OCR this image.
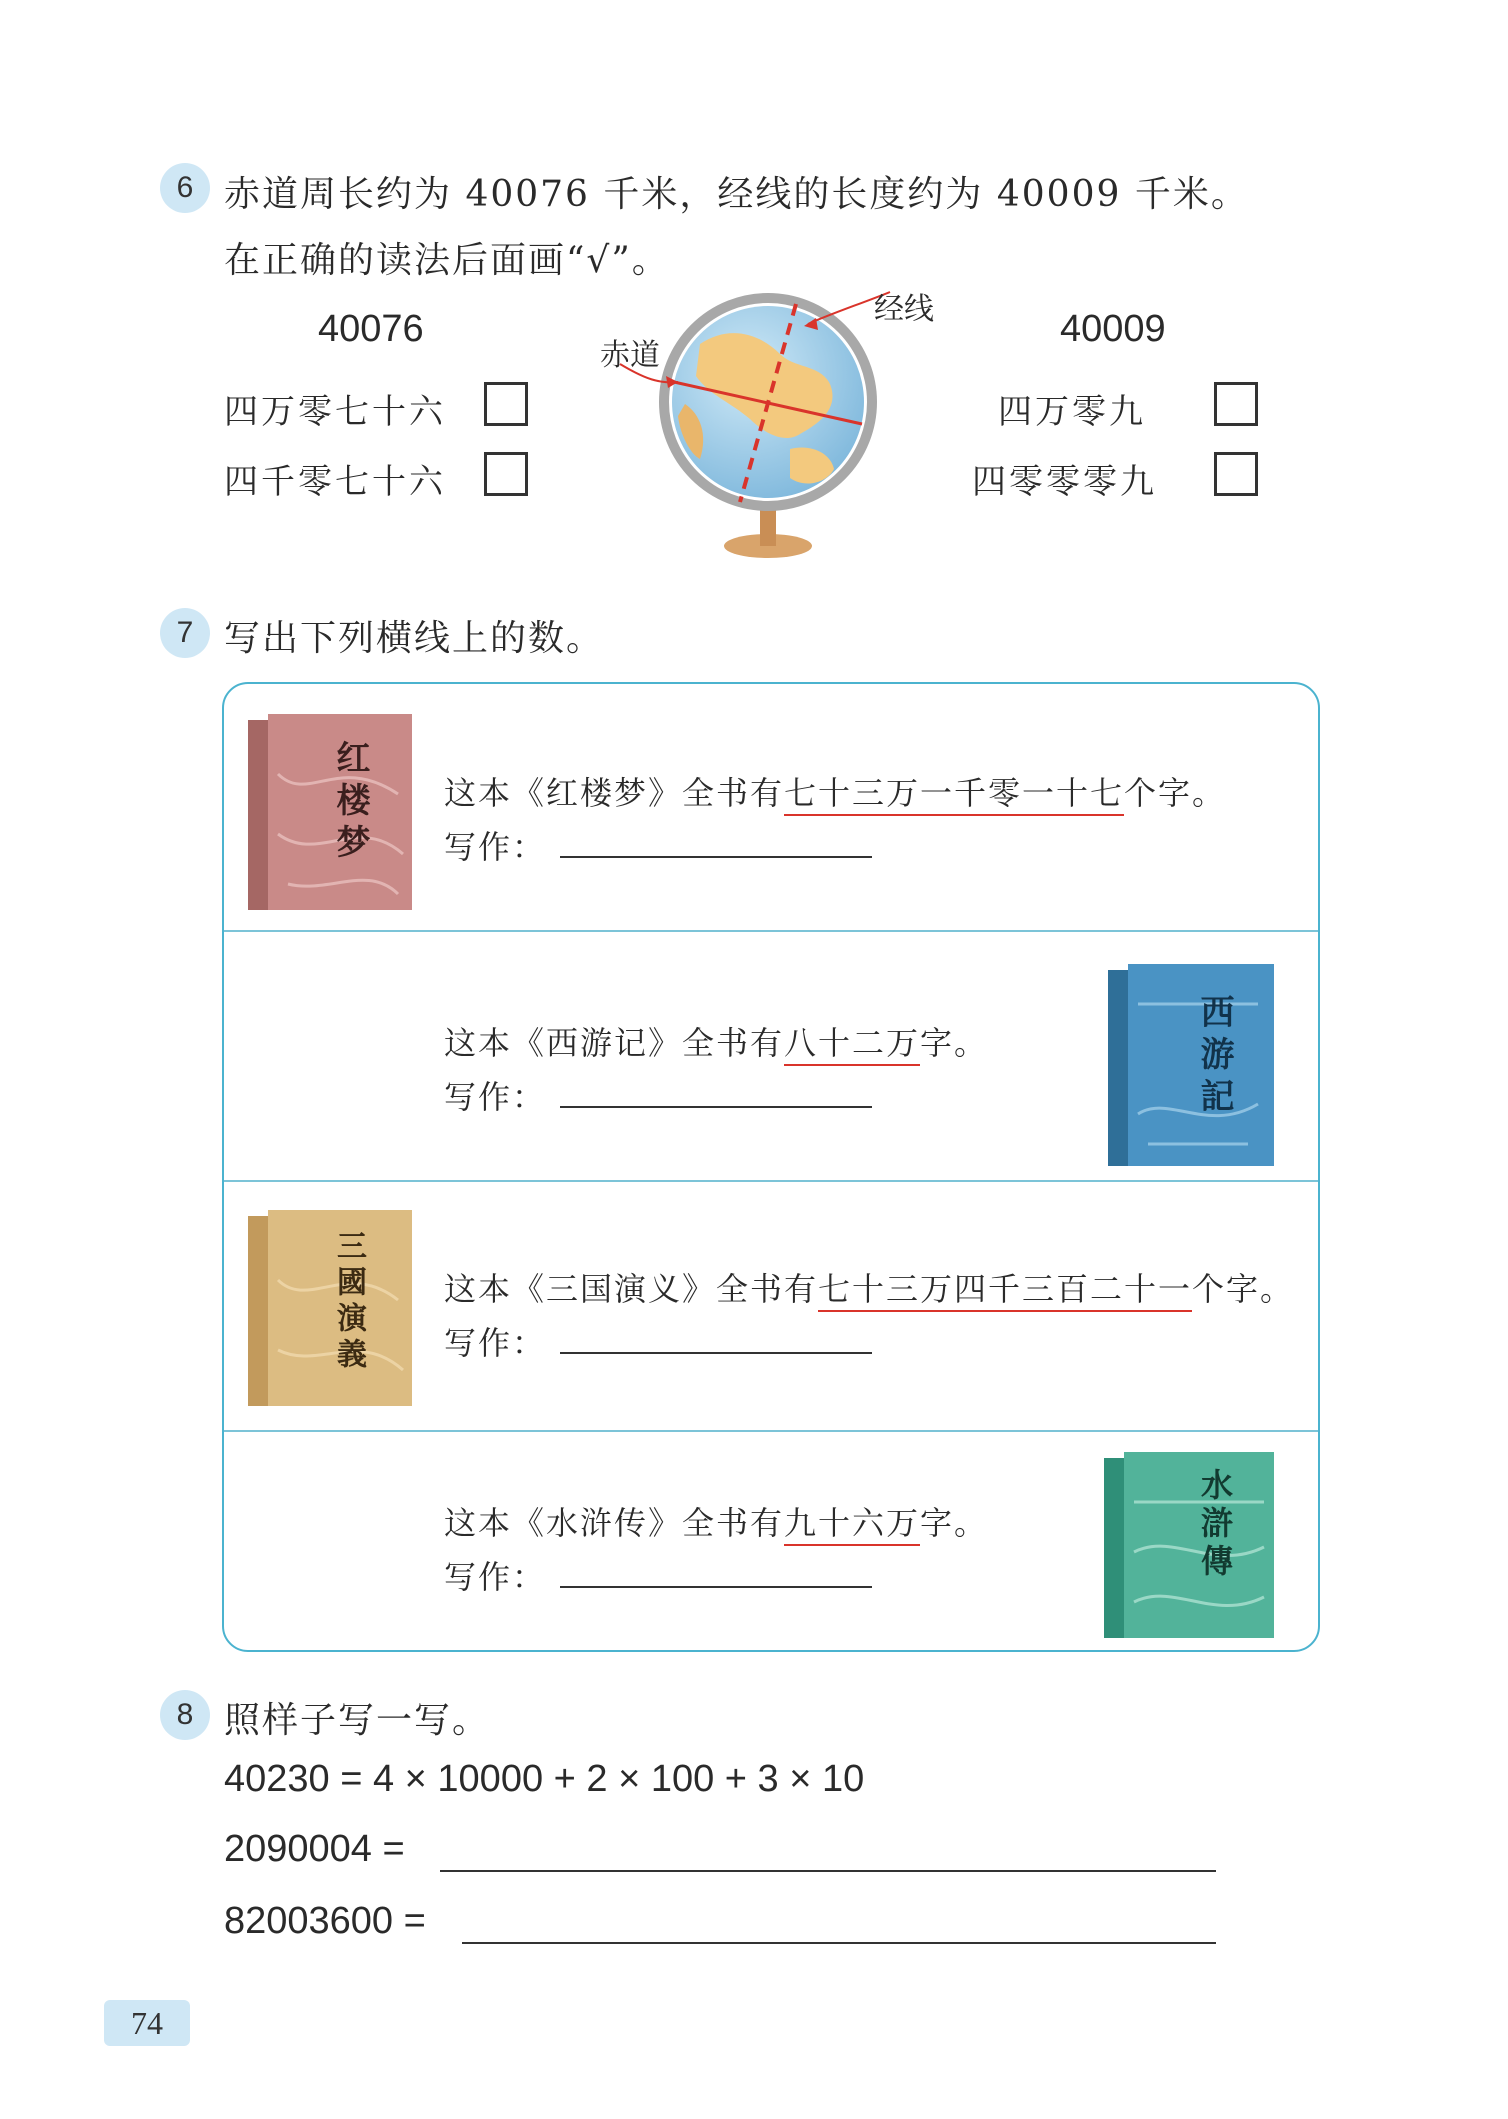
6 赤道周长约为 40076 千米，经线的长度约为 40009 千米。
在正确的读法后面画“√”。
40076
四万零七十六
四千零七十六
40009
四万零九
四零零零九
赤道
经线
7 写出下列横线上的数。
红楼梦 这本《红楼梦》全书有七十三万一千零一十七个字。
写作：
这本《西游记》全书有八十二万字。
写作：	西游記
三國演義 这本《三国演义》全书有七十三万四千三百二十一个字。
写作：
这本《水浒传》全书有九十六万字。
写作：	水滸傳
8 照样子写一写。
40230 = 4 × 10000 + 2 × 100 + 3 × 10
2090004 =
82003600 =
74
